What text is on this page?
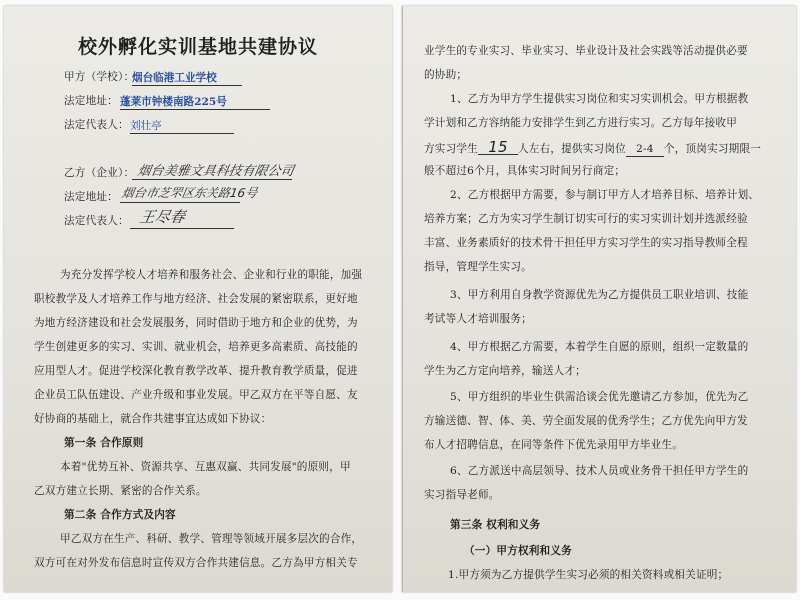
校外孵化实训基地共建协议
甲方（学校）：
烟台临港工业学校
法定地址： 蓬莱市钟楼南路225号
法定代表人： 刘壮亭
乙方（企业）： 烟台美雅文具科技有限公司
法定地址： 烟台市芝罘区东关路16号
法定代表人： 王尽春
为充分发挥学校人才培养和服务社会、企业和行业的职能，加强
职校教学及人才培养工作与地方经济、社会发展的紧密联系，更好地
为地方经济建设和社会发展服务，同时借助于地方和企业的优势，为
学生创建更多的实习、实训、就业机会，培养更多高素质、高技能的
应用型人才。促进学校深化教育教学改革、提升教育教学质量，促进
企业员工队伍建设、产业升级和事业发展。甲乙双方在平等自愿、友
好协商的基础上，就合作共建事宜达成如下协议：
第一条 合作原则
本着"优势互补、资源共享、互惠双赢、共同发展"的原则，甲
乙双方建立长期、紧密的合作关系。
第二条 合作方式及内容
甲乙双方在生产、科研、教学、管理等领域开展多层次的合作，
双方可在对外发布信息时宣传双方合作共建信息。乙方為甲方相关专
业学生的专业实习、毕业实习、毕业设计及社会实践等活动提供必要
的协助；
1、乙方为甲方学生提供实习岗位和实习实训机会。甲方根据教
学计划和乙方容纳能力安排学生到乙方进行实习。乙方每年接收甲
方实习学生 15 人左右，提供实习岗位 2-4 个，顶岗实习期限一
般不超过6个月，具体实习时间另行商定；
2、乙方根据甲方需要，参与制订甲方人才培养目标、培养计划、
培养方案；乙方为实习学生制订切实可行的实习实训计划并选派经验
丰富、业务素质好的技术骨干担任甲方实习学生的实习指导教师全程
指导，管理学生实习。
3、甲方利用自身教学资源优先为乙方提供员工职业培训、技能
考试等人才培训服务；
4、甲方根据乙方需要，本着学生自愿的原则，组织一定数量的
学生为乙方定向培养，输送人才；
5、甲方组织的毕业生供需洽谈会优先邀请乙方参加，优先为乙
方输送德、智、体、美、劳全面发展的优秀学生；乙方优先向甲方发
布人才招聘信息，在同等条件下优先录用甲方毕业生。
6、乙方派送中高层领导、技术人员或业务骨干担任甲方学生的
实习指导老师。
第三条 权利和义务
（一）甲方权利和义务
1.甲方须为乙方提供学生实习必须的相关资料或相关证明；
